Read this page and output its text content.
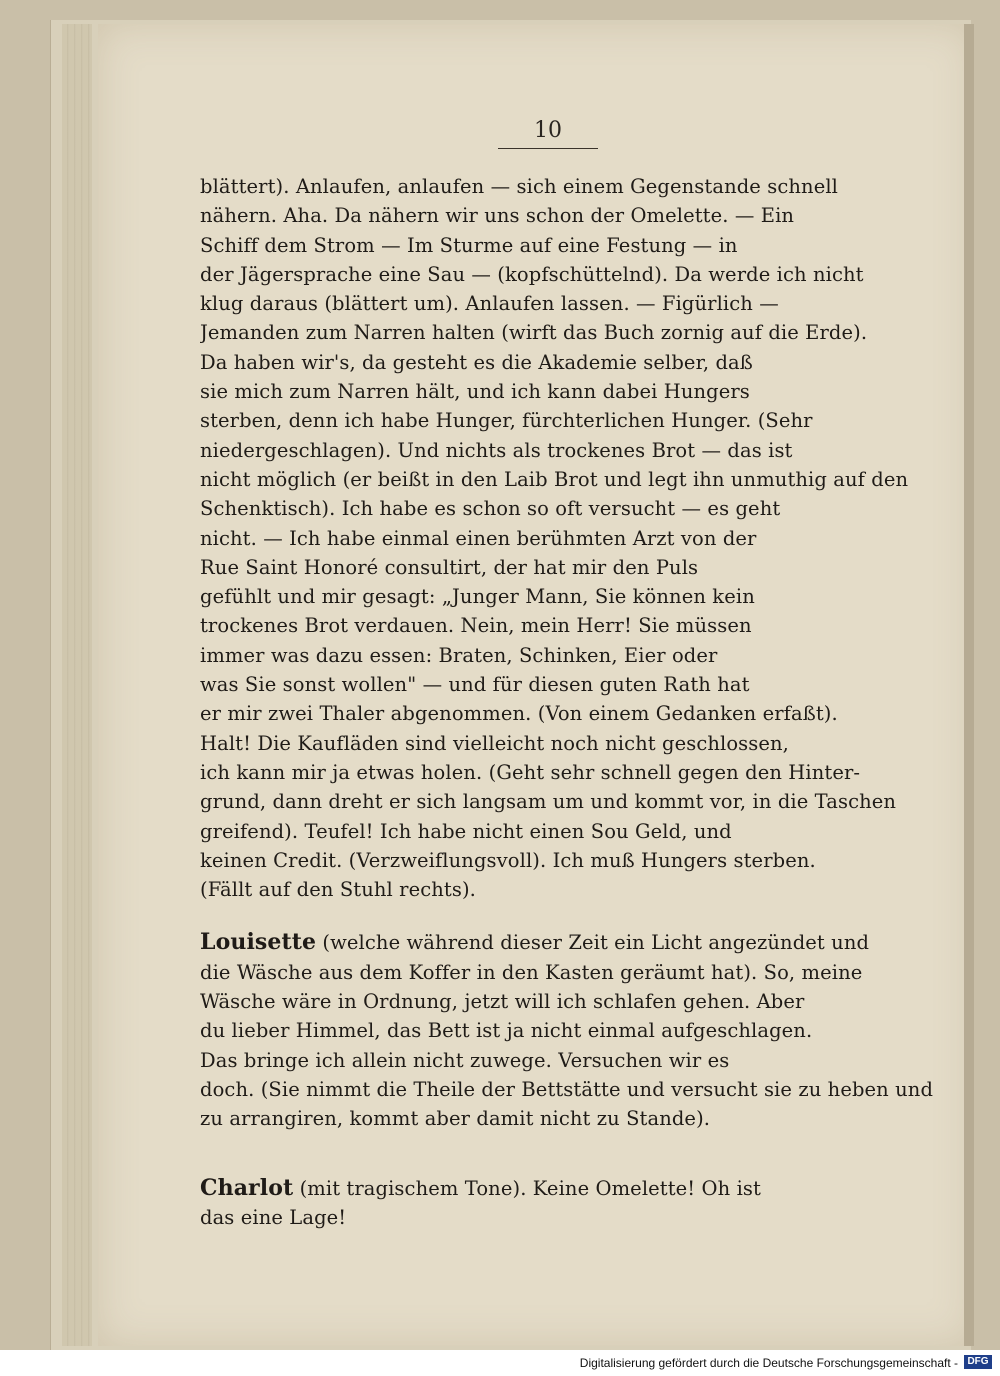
10
blättert). Anlaufen, anlaufen — sich einem Gegenstande schnell
nähern. Aha. Da nähern wir uns schon der Omelette. — Ein
Schiff dem Strom — Im Sturme auf eine Festung — in
der Jägersprache eine Sau — (kopfschüttelnd). Da werde ich nicht
klug daraus (blättert um). Anlaufen lassen. — Figürlich —
Jemanden zum Narren halten (wirft das Buch zornig auf die Erde).
Da haben wir's, da gesteht es die Akademie selber, daß
sie mich zum Narren hält, und ich kann dabei Hungers
sterben, denn ich habe Hunger, fürchterlichen Hunger. (Sehr
niedergeschlagen). Und nichts als trockenes Brot — das ist
nicht möglich (er beißt in den Laib Brot und legt ihn unmuthig auf den
Schenktisch). Ich habe es schon so oft versucht — es geht
nicht. — Ich habe einmal einen berühmten Arzt von der
Rue Saint Honoré consultirt, der hat mir den Puls
gefühlt und mir gesagt: „Junger Mann, Sie können kein
trockenes Brot verdauen. Nein, mein Herr! Sie müssen
immer was dazu essen: Braten, Schinken, Eier oder
was Sie sonst wollen" — und für diesen guten Rath hat
er mir zwei Thaler abgenommen. (Von einem Gedanken erfaßt).
Halt! Die Kaufläden sind vielleicht noch nicht geschlossen,
ich kann mir ja etwas holen. (Geht sehr schnell gegen den Hinter-
grund, dann dreht er sich langsam um und kommt vor, in die Taschen
greifend). Teufel! Ich habe nicht einen Sou Geld, und
keinen Credit. (Verzweiflungsvoll). Ich muß Hungers sterben.
(Fällt auf den Stuhl rechts).
Louisette (welche während dieser Zeit ein Licht angezündet und
die Wäsche aus dem Koffer in den Kasten geräumt hat). So, meine
Wäsche wäre in Ordnung, jetzt will ich schlafen gehen. Aber
du lieber Himmel, das Bett ist ja nicht einmal aufgeschlagen.
Das bringe ich allein nicht zuwege. Versuchen wir es
doch. (Sie nimmt die Theile der Bettstätte und versucht sie zu heben und
zu arrangiren, kommt aber damit nicht zu Stande).
Charlot (mit tragischem Tone). Keine Omelette! Oh ist
das eine Lage!
Digitalisierung gefördert durch die Deutsche Forschungsgemeinschaft - DFG
